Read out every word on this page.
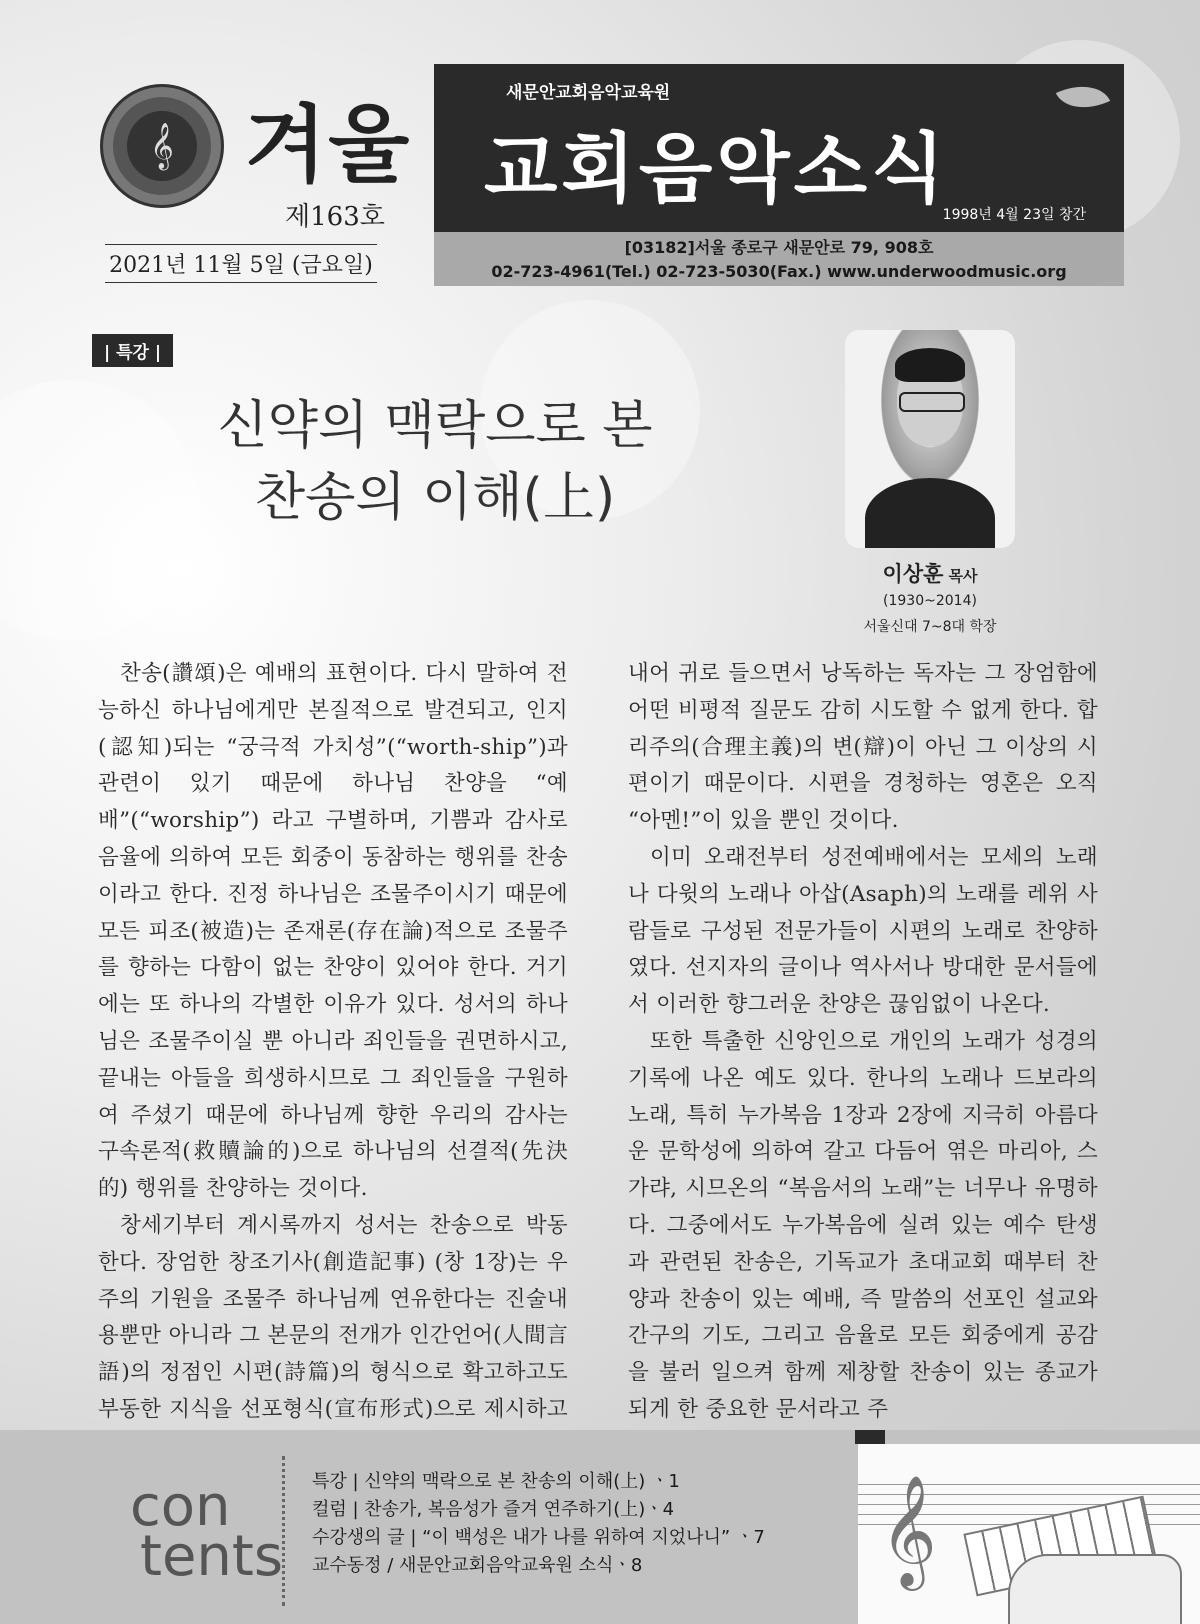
𝄞 겨울
제163호
2021년 11월 5일 (금요일)
새문안교회음악교육원
교회음악소식
1998년 4월 23일 창간
[03182]서울 종로구 새문안로 79, 908호
02-723-4961(Tel.) 02-723-5030(Fax.) www.underwoodmusic.org
| 특강 |
신약의 맥락으로 본
찬송의 이해(上)
이상훈 목사
(1930~2014)
서울신대 7~8대 학장

찬송(讚頌)은 예배의 표현이다. 다시 말하여 전능하신 하나님에게만 본질적으로 발견되고, 인지(認知)되는 “궁극적 가치성”(“worth-ship”)과 관련이 있기 때문에 하나님 찬양을 “예배”(“worship”) 라고 구별하며, 기쁨과 감사로 음율에 의하여 모든 회중이 동참하는 행위를 찬송이라고 한다. 진정 하나님은 조물주이시기 때문에 모든 피조(被造)는 존재론(存在論)적으로 조물주를 향하는 다함이 없는 찬양이 있어야 한다. 거기에는 또 하나의 각별한 이유가 있다. 성서의 하나님은 조물주이실 뿐 아니라 죄인들을 권면하시고, 끝내는 아들을 희생하시므로 그 죄인들을 구원하여 주셨기 때문에 하나님께 향한 우리의 감사는 구속론적(救贖論的)으로 하나님의 선결적(先決的) 행위를 찬양하는 것이다.

창세기부터 계시록까지 성서는 찬송으로 박동한다. 장엄한 창조기사(創造記事) (창 1장)는 우주의 기원을 조물주 하나님께 연유한다는 진술내용뿐만 아니라 그 본문의 전개가 인간언어(人間言語)의 정점인 시편(詩篇)의 형식으로 확고하고도 부동한 지식을 선포형식(宣布形式)으로 제시하고

내어 귀로 들으면서 낭독하는 독자는 그 장엄함에 어떤 비평적 질문도 감히 시도할 수 없게 한다. 합리주의(合理主義)의 변(辯)이 아닌 그 이상의 시편이기 때문이다. 시편을 경청하는 영혼은 오직 “아멘!”이 있을 뿐인 것이다.

이미 오래전부터 성전예배에서는 모세의 노래나 다윗의 노래나 아삽(Asaph)의 노래를 레위 사람들로 구성된 전문가들이 시편의 노래로 찬양하였다. 선지자의 글이나 역사서나 방대한 문서들에서 이러한 향그러운 찬양은 끊임없이 나온다.

또한 특출한 신앙인으로 개인의 노래가 성경의 기록에 나온 예도 있다. 한나의 노래나 드보라의 노래, 특히 누가복음 1장과 2장에 지극히 아름다운 문학성에 의하여 갈고 다듬어 엮은 마리아, 스가랴, 시므온의 “복음서의 노래”는 너무나 유명하다. 그중에서도 누가복음에 실려 있는 예수 탄생과 관련된 찬송은, 기독교가 초대교회 때부터 찬양과 찬송이 있는 예배, 즉 말씀의 선포인 설교와 간구의 기도, 그리고 음율로 모든 회중에게 공감을 불러 일으켜 함께 제창할 찬송이 있는 종교가 되게 한 중요한 문서라고 주

con
tents
특강 | 신약의 맥락으로 본 찬송의 이해(上) ㆍ1
컬럼 | 찬송가, 복음성가 즐겨 연주하기(上)ㆍ4
수강생의 글 | “이 백성은 내가 나를 위하여 지었나니” ㆍ7
교수동정 / 새문안교회음악교육원 소식ㆍ8	𝄞
